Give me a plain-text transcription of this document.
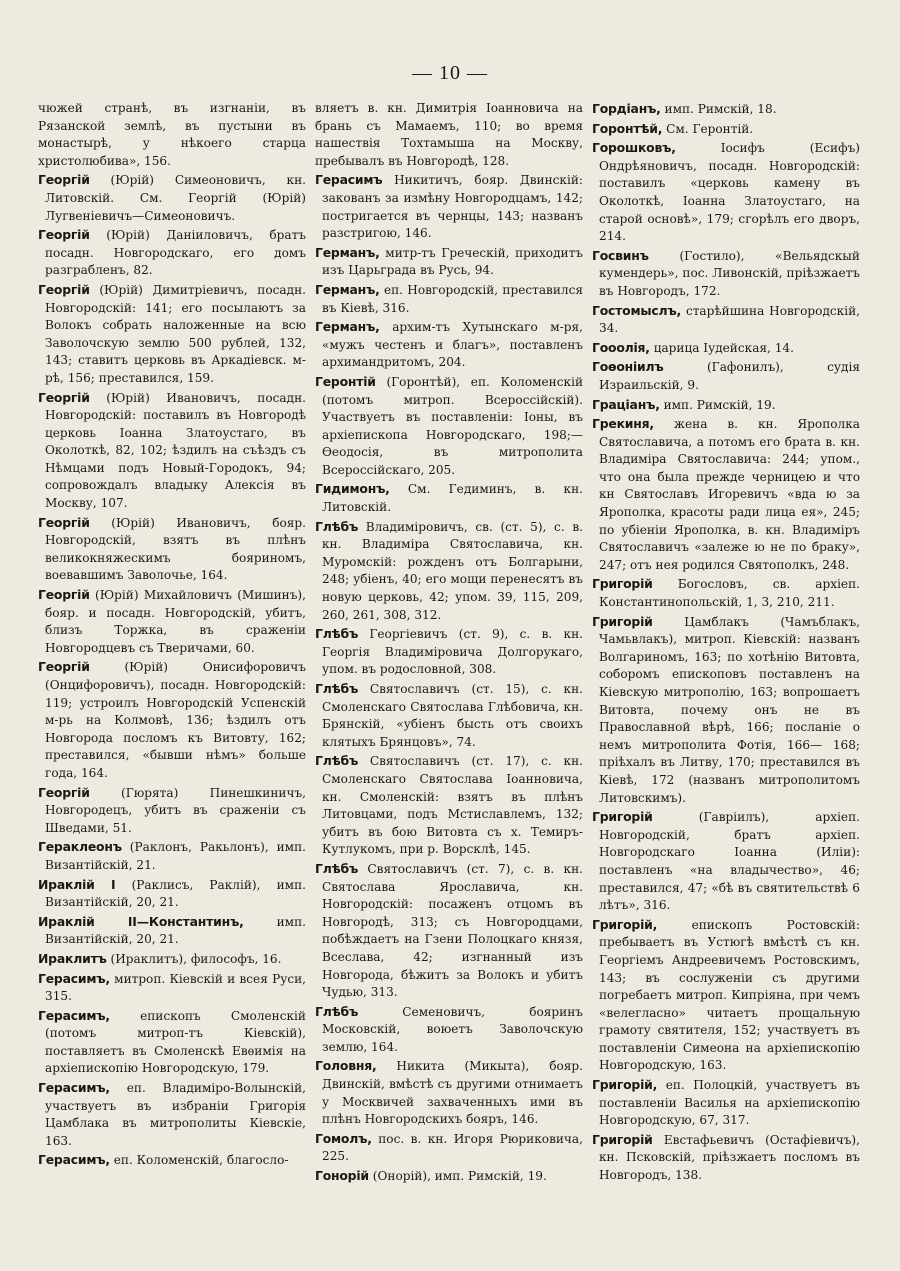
— 10 —

чюжей странѣ, въ изгнаніи, въ Рязанской землѣ, въ пустыни въ монастырѣ, у нѣкоего старца христолюбива», 156.

Георгій (Юрій) Симеоновичъ, кн. Литовскій. См. Георгій (Юрій) Лугвеніевичъ—Симеоновичъ.

Георгій (Юрій) Даніиловичъ, братъ посадн. Новгородскаго, его домъ разграбленъ, 82.

Георгій (Юрій) Димитріевичъ, посадн. Новгородскій: 141; его посылаютъ за Волокъ собрать наложенные на всю Заволочскую землю 500 рублей, 132, 143; ставитъ церковь въ Аркадіевск. м-рѣ, 156; преставился, 159.

Георгій (Юрій) Ивановичъ, посадн. Новгородскій: поставилъ въ Новгородѣ церковь Іоанна Златоустаго, въ Околоткѣ, 82, 102; ѣздилъ на съѣздъ съ Нѣмцами подъ Новый-Городокъ, 94; сопровождалъ владыку Алексія въ Москву, 107.

Георгій (Юрій) Ивановичъ, бояр. Новгородскій, взятъ въ плѣнъ великокняжескимъ бояриномъ, воевавшимъ Заволочье, 164.

Георгій (Юрій) Михайловичъ (Мишинъ), бояр. и посадн. Новгородскій, убитъ, близъ Торжка, въ сраженіи Новгородцевъ съ Тверичами, 60.

Георгій	(Юрій) Онисифоровичъ (Онцифоровичъ), посадн. Новгородскій: 119; устроилъ Новгородскій Успенскій м-рь на Колмовѣ, 136; ѣздилъ отъ Новгорода посломъ къ Витовту, 162; преставился, «бывши нѣмъ» больше года, 164.

Георгій	(Гюрята) Пинешкиничъ, Новгородецъ, убитъ въ сраженіи съ Шведами, 51.

Гераклеонъ (Раклонъ, Ракьлонъ), имп. Византійскій, 21.

Ираклій I (Раклисъ, Раклій), имп. Византійскій, 20, 21.

Ираклій II—Константинъ,	имп. Византійскій, 20, 21.

Ираклитъ (Ираклитъ), философъ, 16.

Герасимъ, митроп. Кіевскій и всея Руси, 315.

Герасимъ, епископъ Смоленскій (потомъ митроп-тъ Кіевскій), поставляетъ въ Смоленскѣ Евѳимія на архіепископію Новгородскую, 179.

Герасимъ, еп. Владиміро-Волынскій, участвуетъ въ избраніи Григорія Цамблака въ митрополиты Кіевскіе, 163.

Герасимъ, еп. Коломенскій, благосло-

вляетъ в. кн. Димитрія Іоанновича на брань съ Мамаемъ, 110; во время нашествія Тохтамыша на Москву, пребывалъ въ Новгородѣ, 128.

Герасимъ Никитичъ, бояр. Двинскій: закованъ за измѣну Новгородцамъ, 142; постригается въ чернцы, 143; названъ разстригою, 146.

Германъ, митр-тъ Греческій, приходитъ изъ Царьграда въ Русь, 94.

Германъ, еп. Новгородскій, преставился въ Кіевѣ, 316.

Германъ, архим-тъ Хутынскаго м-ря, «мужъ честенъ и благъ», поставленъ архимандритомъ, 204.

Геронтій (Горонтѣй), еп. Коломенскій (потомъ митроп. Всероссійскій). Участвуетъ въ поставленіи: Іоны, въ архіепископа Новгородскаго, 198;— Ѳеодосія, въ митрополита Всероссійскаго, 205.

Гидимонъ, См. Гедиминъ, в. кн. Литовскій.

Глѣбъ Владиміровичъ, св. (ст. 5), с. в. кн. Владиміра Святославича, кн. Муромскій: рожденъ отъ Болгарыни, 248; убіенъ, 40; его мощи перенесятъ въ новую церковь, 42; упом. 39, 115, 209, 260, 261, 308, 312.

Глѣбъ Георгіевичъ (ст. 9), с. в. кн. Георгія Владиміровича Долгорукаго, упом. въ родословной, 308.

Глѣбъ Святославичъ (ст. 15), с. кн. Смоленскаго Святослава Глѣбовича, кн. Брянскій, «убіенъ бысть отъ своихъ клятыхъ Брянцовъ», 74.

Глѣбъ Святославичъ (ст. 17), с. кн. Смоленскаго Святослава Іоанновича, кн. Смоленскій: взятъ въ плѣнъ Литовцами, подъ Мстиславлемъ, 132; убитъ въ бою Витовта съ х. Темиръ-Кутлукомъ, при р. Ворсклѣ, 145.

Глѣбъ Святославичъ (ст. 7), с. в. кн. Святослава Ярославича, кн. Новгородскій: посаженъ отцомъ въ Новгородѣ, 313; съ Новгородцами, побѣждаетъ на Гзени Полоцкаго князя, Всеслава, 42; изгнанный изъ Новгорода, бѣжитъ за Волокъ и убитъ Чудью, 313.

Глѣбъ	Семеновичъ, бояринъ Московскій, воюетъ Заволочскую землю, 164.

Головня, Никита (Микыта), бояр. Двинскій, вмѣстѣ съ другими отнимаетъ у Москвичей захваченныхъ ими въ плѣнъ Новгородскихъ бояръ, 146.

Гомолъ, пос. в. кн. Игоря Рюриковича, 225.

Гонорій (Онорій), имп. Римскій, 19.

Гордіанъ, имп. Римскій, 18.

Горонтѣй, См. Геронтій.

Горошковъ,	Іосифъ (Есифъ) Ондрѣяновичъ, посадн. Новгородскій: поставилъ «церковь камену въ Околоткѣ, Іоанна Златоустаго, на старой основѣ», 179; сгорѣлъ его дворъ, 214.

Госвинъ	(Гостило), «Вельядскый кумендерь», пос. Ливонскій, пріѣзжаетъ въ Новгородъ, 172.

Гостомыслъ, старѣйшина Новгородскій, 34.

Гооолія, царица Іудейская, 14.

Гоѳоніилъ	(Гафонилъ), судія Израильскій, 9.

Граціанъ, имп. Римскій, 19.

Грекиня, жена в. кн. Ярополка Святославича, а потомъ его брата в. кн. Владиміра Святославича: 244; упом., что она была прежде черницею и что кн Святославъ Игоревичъ «вда ю за Ярополка, красоты ради лица ея», 245; по убіеніи Ярополка, в. кн. Владиміръ Святославичъ «залеже ю не по браку», 247; отъ нея родился Святополкъ, 248.

Григорій Богословъ, св. архіеп. Константинопольскій, 1, 3, 210, 211.

Григорій	Цамблакъ (Чамъблакъ, Чамьвлакъ), митроп. Кіевскій: названъ Волгариномъ, 163; по хотѣнію Витовта, соборомъ епископовъ поставленъ на Кіевскую митрополію, 163; вопрошаетъ Витовта, почему онъ не въ Православной вѣрѣ, 166; посланіе о немъ митрополита Фотія, 166— 168; пріѣхалъ въ Литву, 170; преставился въ Кіевѣ, 172 (названъ митрополитомъ Литовскимъ).

Григорій	(Гавріилъ), архіеп. Новгородскій, братъ архіеп. Новгородскаго Іоанна (Иліи): поставленъ «на владычество», 46; преставился, 47; «бѣ въ святительствѣ 6 лѣтъ», 316.

Григорій,	епископъ Ростовскій: пребываетъ въ Устюгѣ вмѣстѣ съ кн. Георгіемъ Андреевичемъ Ростовскимъ, 143; въ сослуженіи съ другими погребаетъ митроп. Кипріяна, при чемъ «велегласно» читаетъ прощальную грамоту святителя, 152; участвуетъ въ поставленіи Симеона на архіепископію Новгородскую, 163.

Григорій, еп. Полоцкій, участвуетъ въ поставленіи Василья на архіепископію Новгородскую, 67, 317.

Григорій Евстафьевичъ (Остафіевичъ), кн. Псковскій, пріѣзжаетъ посломъ въ Новгородъ, 138.
